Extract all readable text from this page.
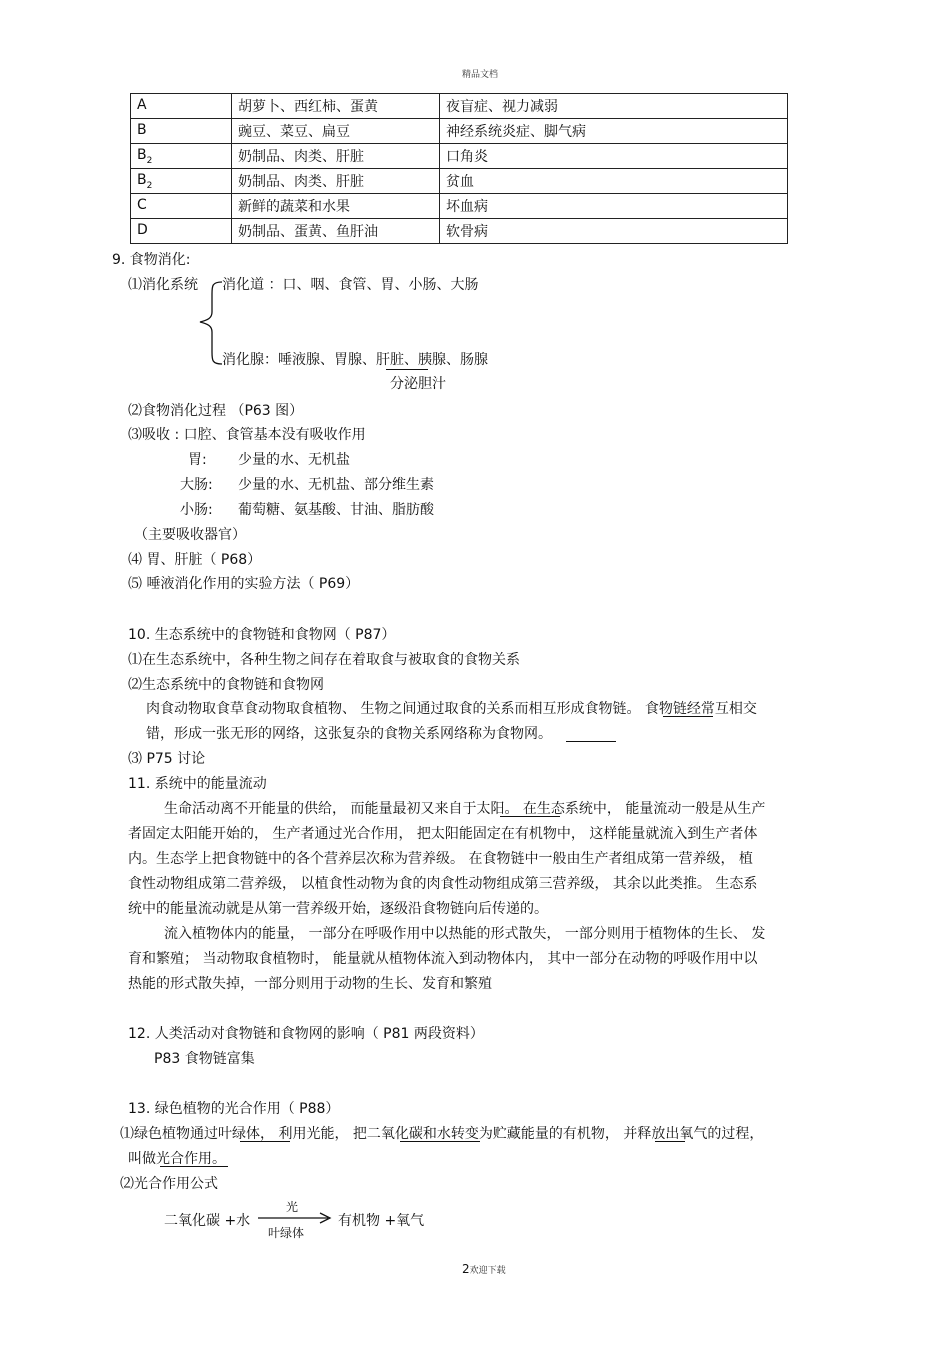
精品文档
A	胡萝卜、西红柿、蛋黄	夜盲症、视力减弱
B	豌豆、菜豆、扁豆	神经系统炎症、脚气病
$B_2$	奶制品、肉类、肝脏	口角炎
$B_2$	奶制品、肉类、肝脏	贫血
C	新鲜的蔬菜和水果	坏血病
D	奶制品、蛋黄、鱼肝油	软骨病
9. 食物消化:
⑴消化系统 消化道 ：口、咽、食管、胃、小肠、大肠
消化腺：唾液腺、胃腺、肝脏、胰腺、肠腺
分泌胆汁
⑵食物消化过程 （P63 图）
⑶吸收 : 口腔、食管基本没有吸收作用
胃: 少量的水、无机盐
大肠: 少量的水、无机盐、部分维生素
小肠: 葡萄糖、氨基酸、甘油、脂肪酸
（主要吸收器官）
⑷ 胃、肝脏（ P68）
⑸ 唾液消化作用的实验方法（ P69）
10. 生态系统中的食物链和食物网（ P87）
⑴在生态系统中，各种生物之间存在着取食与被取食的食物关系
⑵生态系统中的食物链和食物网
肉食动物取食草食动物取食植物、 生物之间通过取食的关系而相互形成食物链。 食物链经常互相交
错，形成一张无形的网络，这张复杂的食物关系网络称为食物网。
⑶ P75 讨论
11. 系统中的能量流动
生命活动离不开能量的供给， 而能量最初又来自于太阳。 在生态系统中， 能量流动一般是从生产
者固定太阳能开始的， 生产者通过光合作用， 把太阳能固定在有机物中， 这样能量就流入到生产者体
内。生态学上把食物链中的各个营养层次称为营养级。 在食物链中一般由生产者组成第一营养级， 植
食性动物组成第二营养级， 以植食性动物为食的肉食性动物组成第三营养级， 其余以此类推。 生态系
统中的能量流动就是从第一营养级开始，逐级沿食物链向后传递的。
流入植物体内的能量， 一部分在呼吸作用中以热能的形式散失， 一部分则用于植物体的生长、 发
育和繁殖； 当动物取食植物时， 能量就从植物体流入到动物体内， 其中一部分在动物的呼吸作用中以
热能的形式散失掉，一部分则用于动物的生长、发育和繁殖
12. 人类活动对食物链和食物网的影响（ P81 两段资料）
P83 食物链富集
13. 绿色植物的光合作用（ P88）
⑴绿色植物通过叶绿体， 利用光能， 把二氧化碳和水转变为贮藏能量的有机物， 并释放出氧气的过程，
叫做光合作用。
⑵光合作用公式
二氧化碳 +水
光
叶绿体
有机物 +氧气
2欢迎下载
